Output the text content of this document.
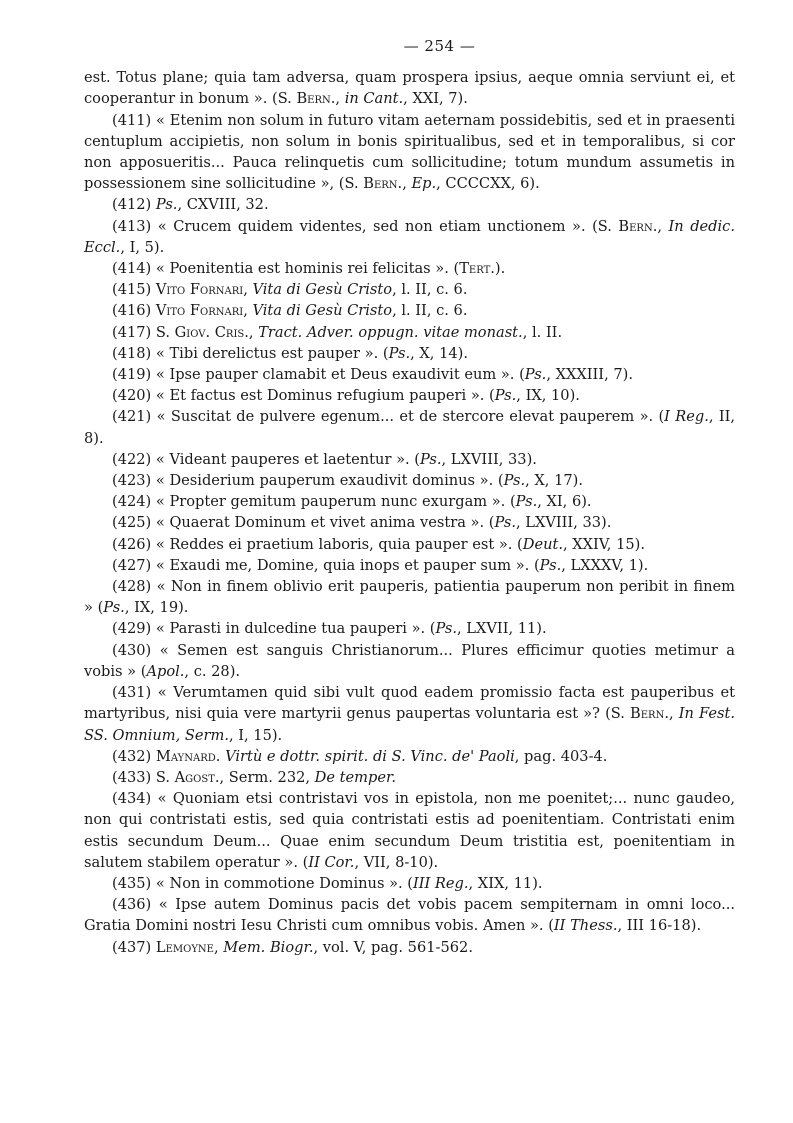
— 254 —

est. Totus plane; quia tam adversa, quam prospera ipsius, aeque omnia serviunt ei, et cooperantur in bonum ». (S. Bern., in Cant., XXI, 7).

(411) « Etenim non solum in futuro vitam aeternam possidebitis, sed et in praesenti centuplum accipietis, non solum in bonis spiritualibus, sed et in temporalibus, si cor non apposueritis... Pauca relinquetis cum sollicitudine; totum mundum assumetis in possessionem sine sollicitudine », (S. Bern., Ep., CCCCXX, 6).

(412) Ps., CXVIII, 32.

(413) « Crucem quidem videntes, sed non etiam unctionem ». (S. Bern., In dedic. Eccl., I, 5).

(414) « Poenitentia est hominis rei felicitas ». (Tert.).

(415) Vito Fornari, Vita di Gesù Cristo, l. II, c. 6.

(416) Vito Fornari, Vita di Gesù Cristo, l. II, c. 6.

(417) S. Giov. Cris., Tract. Adver. oppugn. vitae monast., l. II.

(418) « Tibi derelictus est pauper ». (Ps., X, 14).

(419) « Ipse pauper clamabit et Deus exaudivit eum ». (Ps., XXXIII, 7).

(420) « Et factus est Dominus refugium pauperi ». (Ps., IX, 10).

(421) « Suscitat de pulvere egenum... et de stercore elevat pauperem ». (I Reg., II, 8).

(422) « Videant pauperes et laetentur ». (Ps., LXVIII, 33).

(423) « Desiderium pauperum exaudivit dominus ». (Ps., X, 17).

(424) « Propter gemitum pauperum nunc exurgam ». (Ps., XI, 6).

(425) « Quaerat Dominum et vivet anima vestra ». (Ps., LXVIII, 33).

(426) « Reddes ei praetium laboris, quia pauper est ». (Deut., XXIV, 15).

(427) « Exaudi me, Domine, quia inops et pauper sum ». (Ps., LXXXV, 1).

(428) « Non in finem oblivio erit pauperis, patientia pauperum non peribit in finem » (Ps., IX, 19).

(429) « Parasti in dulcedine tua pauperi ». (Ps., LXVII, 11).

(430) « Semen est sanguis Christianorum... Plures efficimur quoties metimur a vobis » (Apol., c. 28).

(431) « Verumtamen quid sibi vult quod eadem promissio facta est pauperibus et martyribus, nisi quia vere martyrii genus paupertas voluntaria est »? (S. Bern., In Fest. SS. Omnium, Serm., I, 15).

(432) Maynard. Virtù e dottr. spirit. di S. Vinc. de' Paoli, pag. 403-4.

(433) S. Agost., Serm. 232, De temper.

(434) « Quoniam etsi contristavi vos in epistola, non me poenitet;... nunc gaudeo, non qui contristati estis, sed quia contristati estis ad poenitentiam. Contristati enim estis secundum Deum... Quae enim secundum Deum tristitia est, poenitentiam in salutem stabilem operatur ». (II Cor., VII, 8-10).

(435) « Non in commotione Dominus ». (III Reg., XIX, 11).

(436) « Ipse autem Dominus pacis det vobis pacem sempiternam in omni loco... Gratia Domini nostri Iesu Christi cum omnibus vobis. Amen ». (II Thess., III 16-18).

(437) Lemoyne, Mem. Biogr., vol. V, pag. 561-562.
